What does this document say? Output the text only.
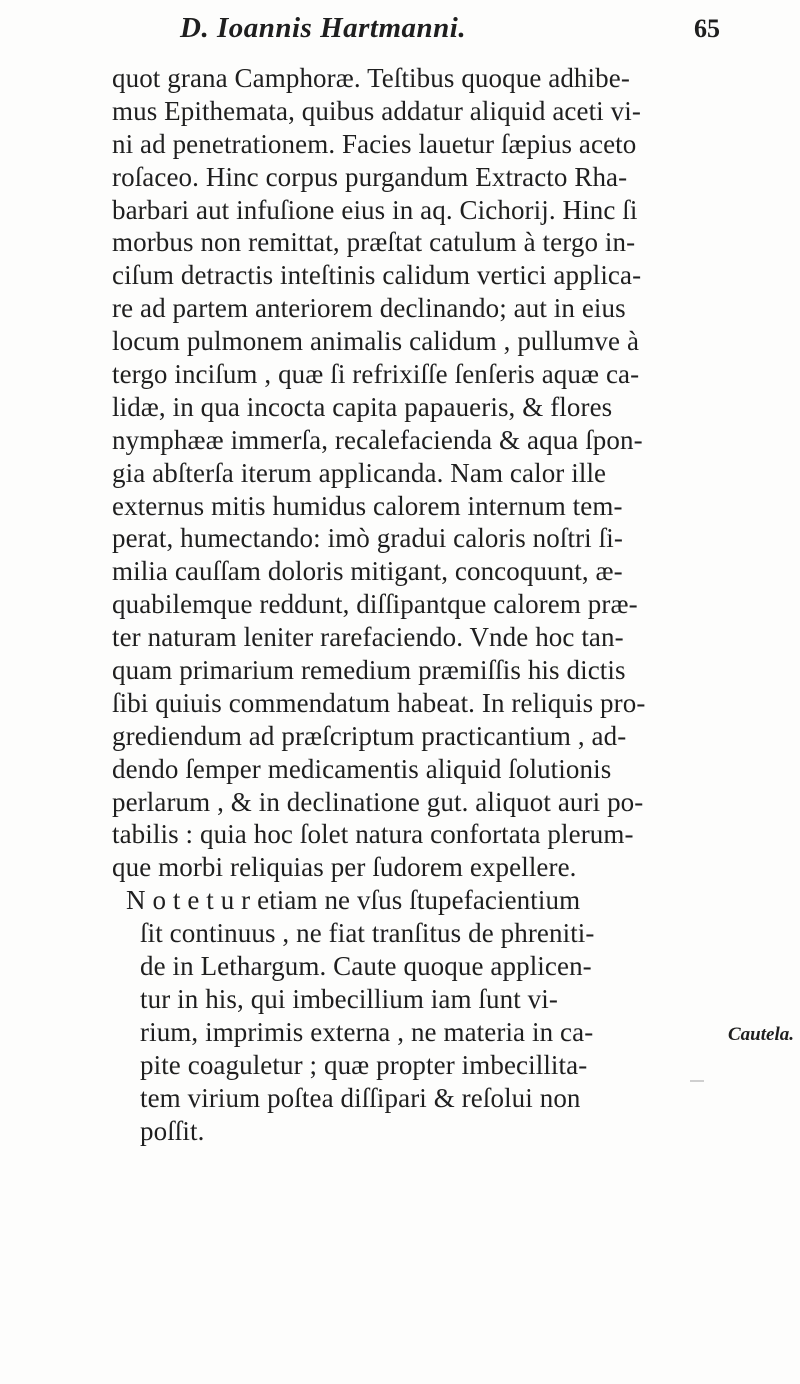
D. Ioannis Hartmanni.	65
quot grana Camphoræ. Teſtibus quoque adhibe-
mus Epithemata, quibus addatur aliquid aceti vi-
ni ad penetrationem. Facies lauetur ſæpius aceto
roſaceo. Hinc corpus purgandum Extracto Rha-
barbari aut infuſione eius in aq. Cichorij. Hinc ſi
morbus non remittat, præſtat catulum à tergo in-
ciſum detractis inteſtinis calidum vertici applica-
re ad partem anteriorem declinando; aut in eius
locum pulmonem animalis calidum , pullumve à
tergo inciſum , quæ ſi refrixiſſe ſenſeris aquæ ca-
lidæ, in qua incocta capita papaueris, & flores
nymphææ immerſa, recalefacienda & aqua ſpon-
gia abſterſa iterum applicanda. Nam calor ille
externus mitis humidus calorem internum tem-
perat, humectando: imò gradui caloris noſtri ſi-
milia cauſſam doloris mitigant, concoquunt, æ-
quabilemque reddunt, diſſipantque calorem præ-
ter naturam leniter rarefaciendo. Vnde hoc tan-
quam primarium remedium præmiſſis his dictis
ſibi quiuis commendatum habeat. In reliquis pro-
grediendum ad præſcriptum practicantium , ad-
dendo ſemper medicamentis aliquid ſolutionis
perlarum , & in declinatione gut. aliquot auri po-
tabilis : quia hoc ſolet natura confortata plerum-
que morbi reliquias per ſudorem expellere.
N o t e t u r etiam ne vſus ſtupefacientium
ſit continuus , ne fiat tranſitus de phreniti-
de in Lethargum. Caute quoque applicen-
tur in his, qui imbecillium iam ſunt vi-
rium, imprimis externa , ne materia in ca-
pite coaguletur ; quæ propter imbecillita-
tem virium poſtea diſſipari & reſolui non
poſſit.
Cautela.
